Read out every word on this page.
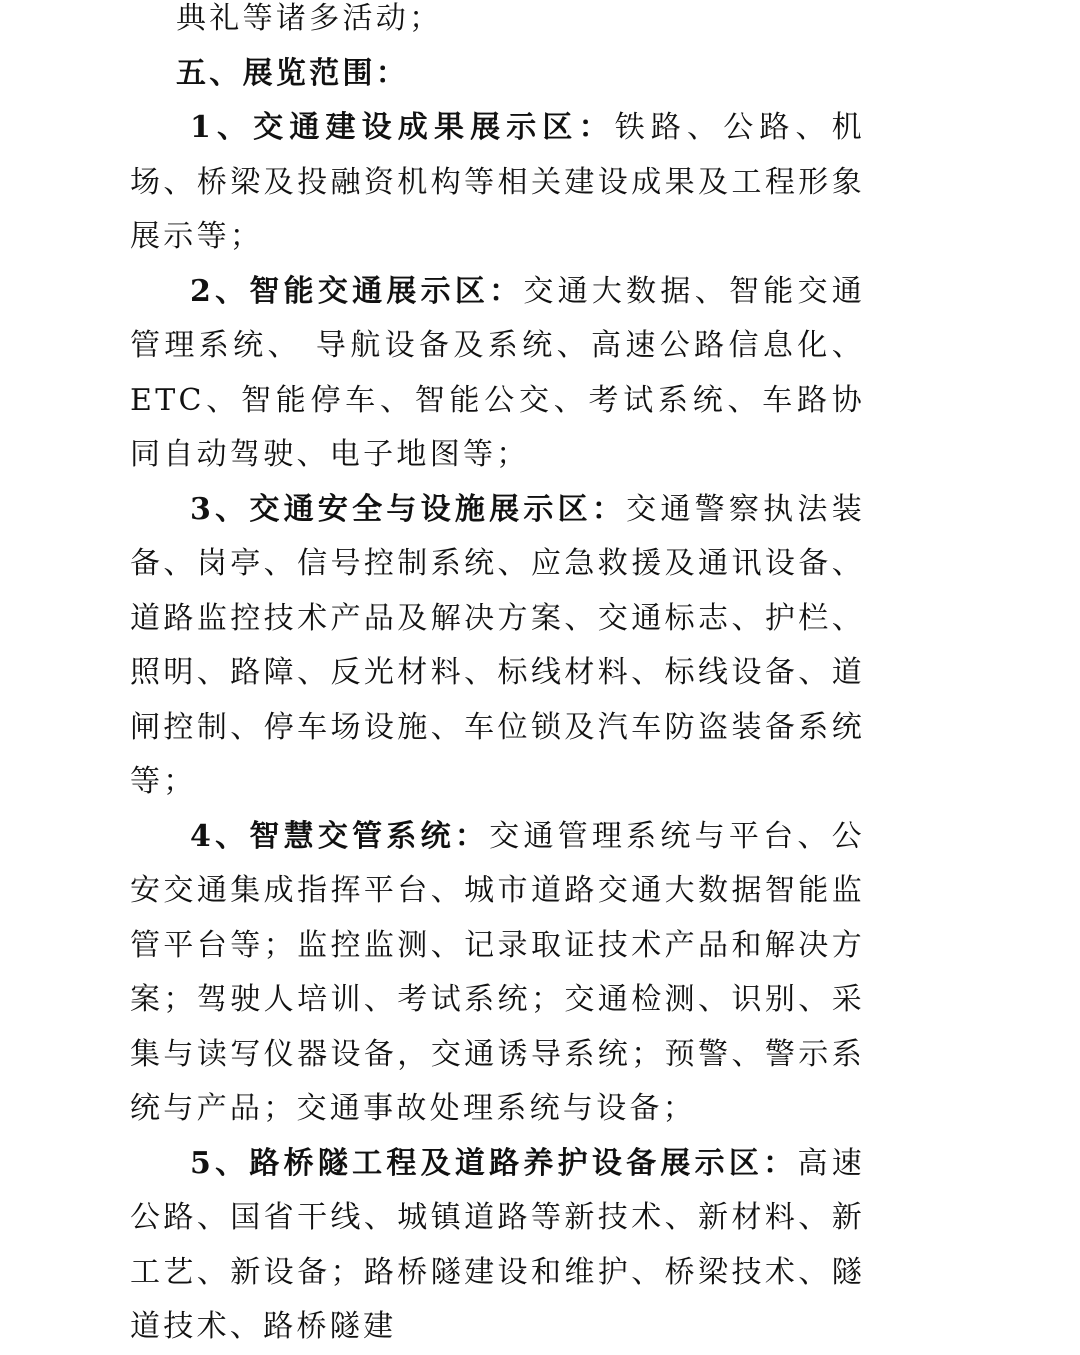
典礼等诸多活动；

五、展览范围：

1、交通建设成果展示区：铁路、公路、机场、桥梁及投融资机构等相关建设成果及工程形象展示等；

2、智能交通展示区：交通大数据、智能交通管理系统、 导航设备及系统、高速公路信息化、ETC、智能停车、智能公交、考试系统、车路协同自动驾驶、电子地图等；

3、交通安全与设施展示区：交通警察执法装备、岗亭、信号控制系统、应急救援及通讯设备、道路监控技术产品及解决方案、交通标志、护栏、照明、路障、反光材料、标线材料、标线设备、道闸控制、停车场设施、车位锁及汽车防盗装备系统等；

4、智慧交管系统：交通管理系统与平台、公安交通集成指挥平台、城市道路交通大数据智能监管平台等；监控监测、记录取证技术产品和解决方案；驾驶人培训、考试系统；交通检测、识别、采集与读写仪器设备，交通诱导系统；预警、警示系统与产品；交通事故处理系统与设备；

5、路桥隧工程及道路养护设备展示区：高速公路、国省干线、城镇道路等新技术、新材料、新工艺、新设备；路桥隧建设和维护、桥梁技术、隧道技术、路桥隧建
